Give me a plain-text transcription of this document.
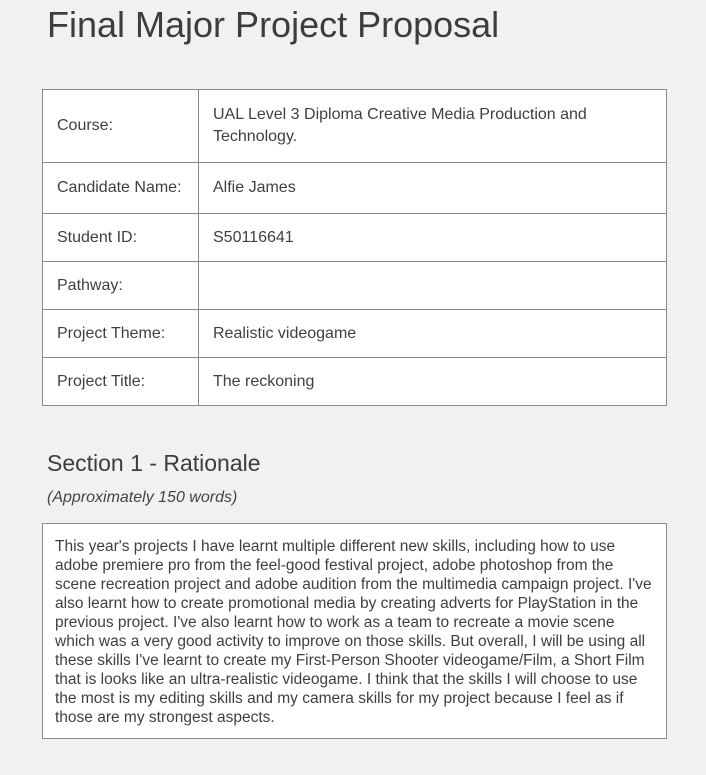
Final Major Project Proposal
Course:	UAL Level 3 Diploma Creative Media Production and Technology.
Candidate Name:	Alfie James
Student ID:	S50116641
Pathway:	
Project Theme:	Realistic videogame
Project Title:	The reckoning
Section 1 - Rationale

(Approximately 150 words)

This year's projects I have learnt multiple different new skills, including how to use adobe premiere pro from the feel-good festival project, adobe photoshop from the scene recreation project and adobe audition from the multimedia campaign project. I've also learnt how to create promotional media by creating adverts for PlayStation in the previous project. I've also learnt how to work as a team to recreate a movie scene which was a very good activity to improve on those skills. But overall, I will be using all these skills I've learnt to create my First-Person Shooter videogame/Film, a Short Film that is looks like an ultra-realistic videogame. I think that the skills I will choose to use the most is my editing skills and my camera skills for my project because I feel as if those are my strongest aspects.
